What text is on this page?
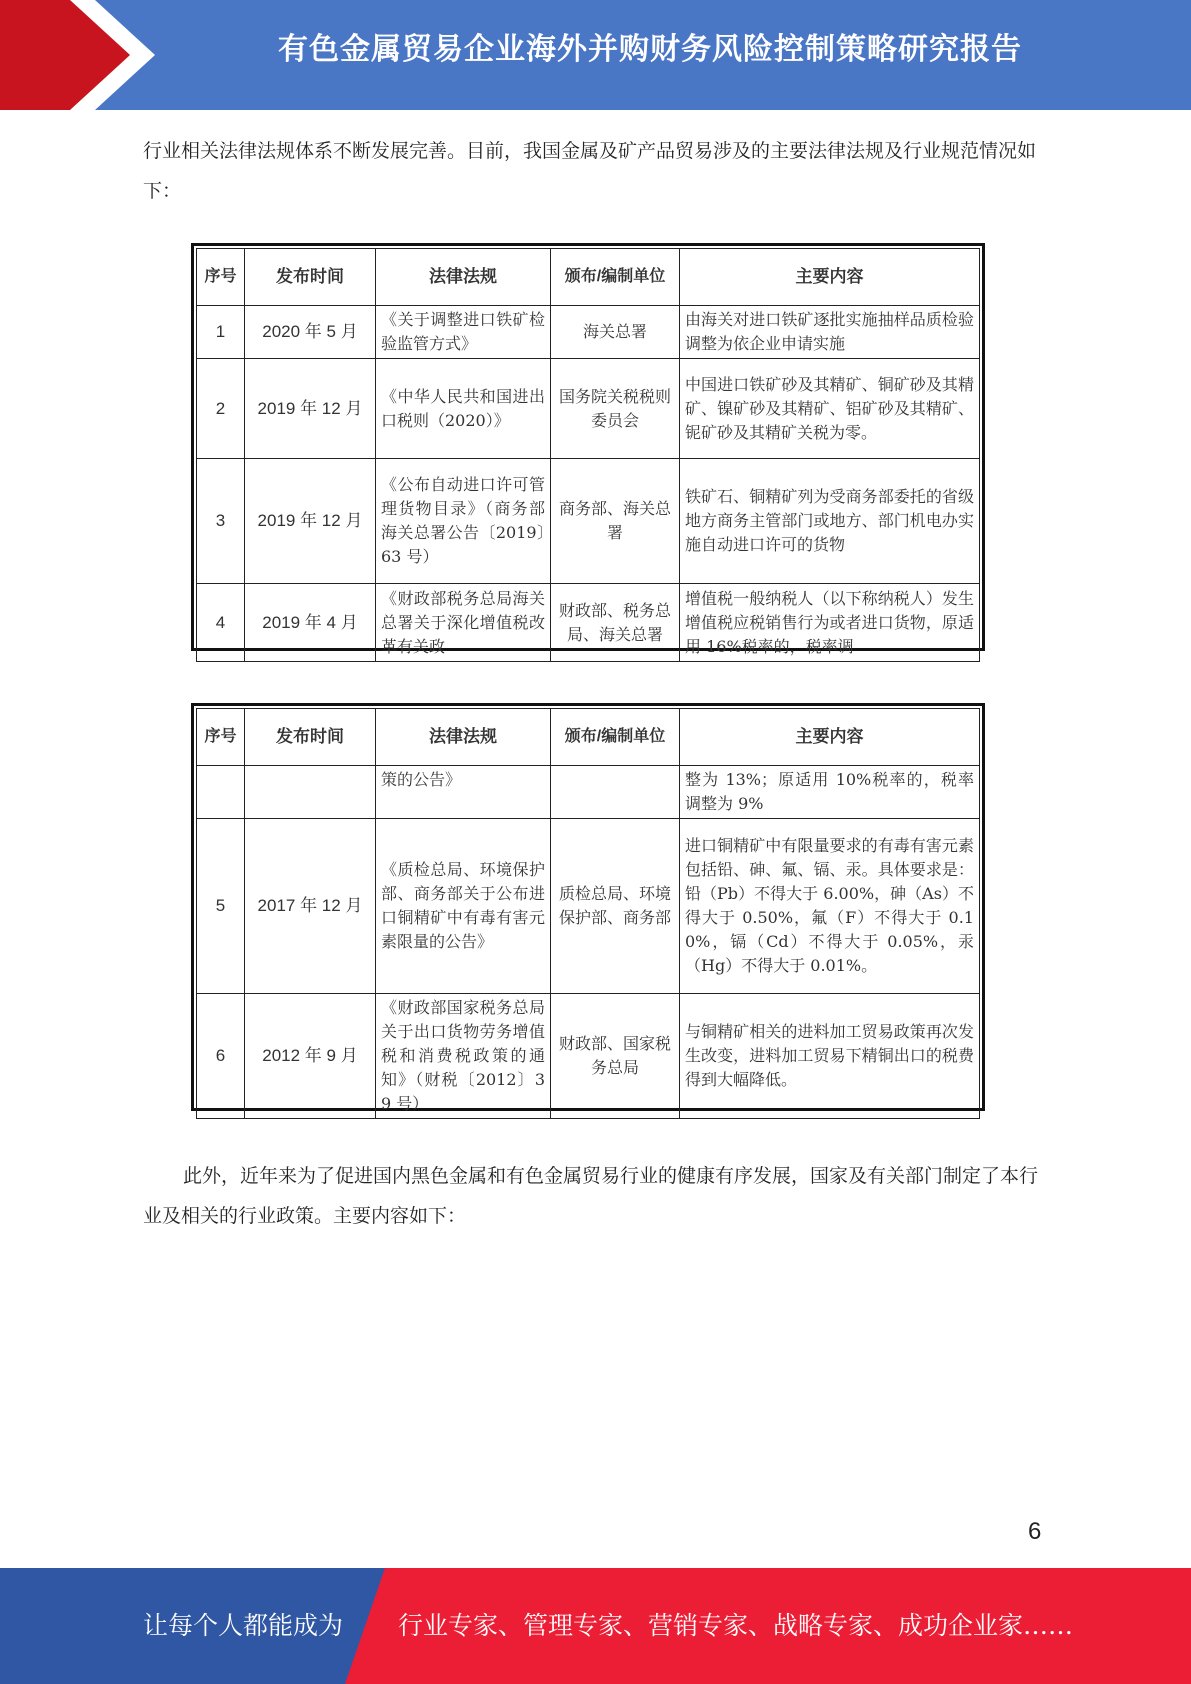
有色金属贸易企业海外并购财务风险控制策略研究报告
行业相关法律法规体系不断发展完善。目前，我国金属及矿产品贸易涉及的主要法律法规及行业规范情况如下：
序号	发布时间	法律法规	颁布/编制单位	主要内容
1	2020 年 5 月	《关于调整进口铁矿检验监管方式》	海关总署	由海关对进口铁矿逐批实施抽样品质检验调整为依企业申请实施
2	2019 年 12 月	《中华人民共和国进出口税则（2020）》	国务院关税税则委员会	中国进口铁矿砂及其精矿、铜矿砂及其精矿、镍矿砂及其精矿、铝矿砂及其精矿、铌矿砂及其精矿关税为零。
3	2019 年 12 月	《公布自动进口许可管理货物目录》（商务部海关总署公告〔2019〕63 号）	商务部、海关总署	铁矿石、铜精矿列为受商务部委托的省级地方商务主管部门或地方、部门机电办实施自动进口许可的货物
4	2019 年 4 月	《财政部税务总局海关总署关于深化增值税改革有关政	财政部、税务总局、海关总署	增值税一般纳税人（以下称纳税人）发生增值税应税销售行为或者进口货物，原适用 16%税率的，税率调
序号	发布时间	法律法规	颁布/编制单位	主要内容
		策的公告》		整为 13%；原适用 10%税率的，税率调整为 9%
5	2017 年 12 月	《质检总局、环境保护部、商务部关于公布进口铜精矿中有毒有害元素限量的公告》	质检总局、环境保护部、商务部	进口铜精矿中有限量要求的有毒有害元素包括铅、砷、氟、镉、汞。具体要求是：铅（Pb）不得大于 6.00%，砷（As）不得大于 0.50%，氟（F）不得大于 0.10%，镉（Cd）不得大于 0.05%，汞（Hg）不得大于 0.01%。
6	2012 年 9 月	《财政部国家税务总局关于出口货物劳务增值税和消费税政策的通知》（财税〔2012〕39 号）	财政部、国家税务总局	与铜精矿相关的进料加工贸易政策再次发生改变，进料加工贸易下精铜出口的税费得到大幅降低。
此外，近年来为了促进国内黑色金属和有色金属贸易行业的健康有序发展，国家及有关部门制定了本行业及相关的行业政策。主要内容如下：
6
让每个人都能成为 行业专家、管理专家、营销专家、战略专家、成功企业家……
